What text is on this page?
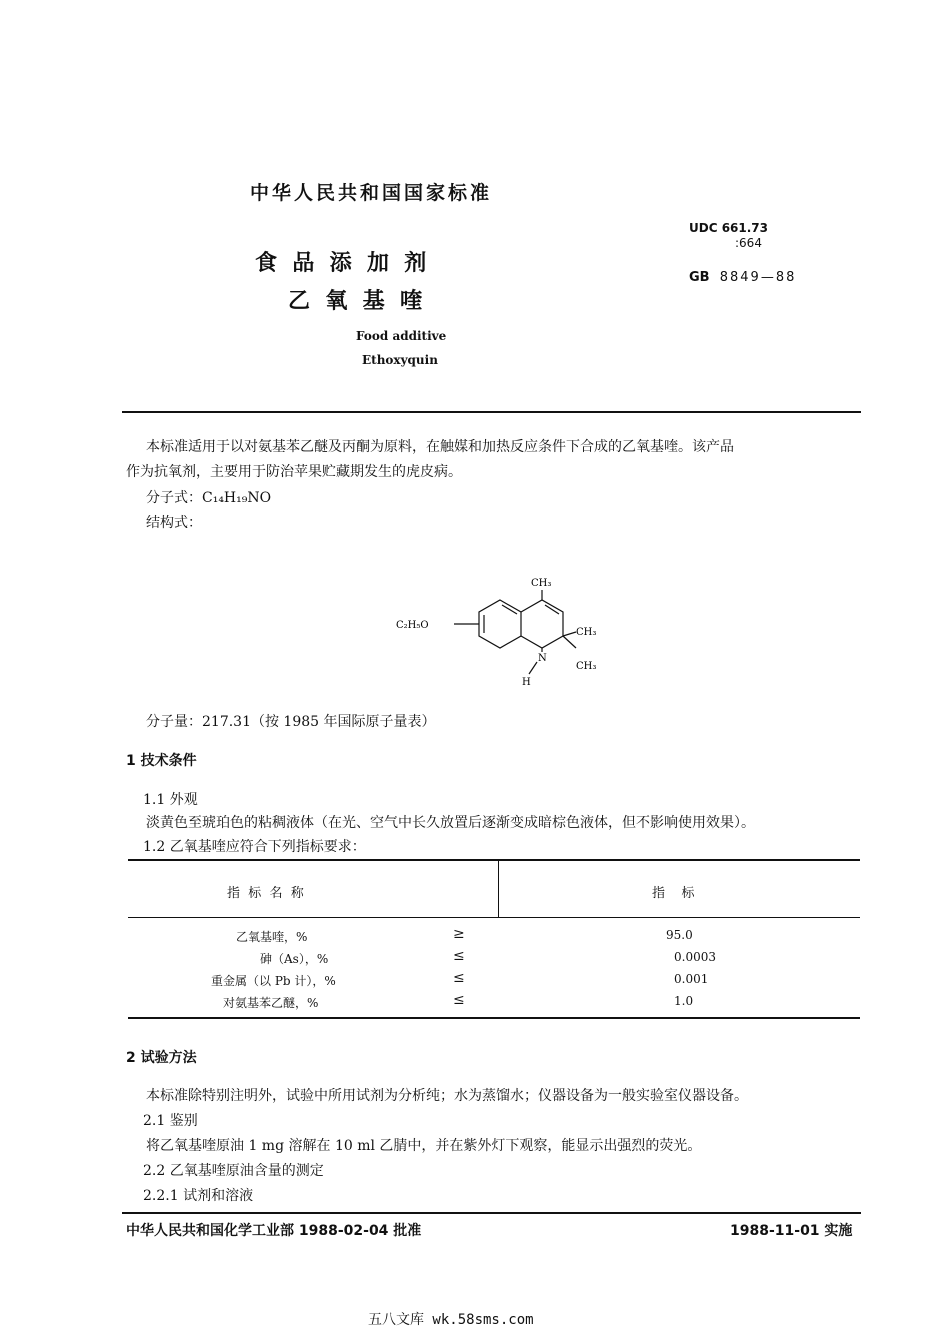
中华人民共和国国家标准
食  品  添  加  剂
乙  氧  基  喹
Food additive
Ethoxyquin
UDC 661.73
:664
GB 8849—88
本标准适用于以对氨基苯乙醚及丙酮为原料，在触媒和加热反应条件下合成的乙氧基喹。该产品
作为抗氧剂，主要用于防治苹果贮藏期发生的虎皮病。
分子式：C₁₄H₁₉NO
结构式：
CH₃
C₂H₅O
CH₃
CH₃
N
H
分子量：217.31（按 1985 年国际原子量表）
1 技术条件
1.1 外观
淡黄色至琥珀色的粘稠液体（在光、空气中长久放置后逐渐变成暗棕色液体，但不影响使用效果）。
1.2 乙氧基喹应符合下列指标要求：
指  标  名  称	指    标
乙氧基喹，%	≥	95.0
砷（As），%	≤	0.0003
重金属（以 Pb 计），%	≤	0.001
对氨基苯乙醚，%	≤	1.0
2 试验方法
本标准除特别注明外，试验中所用试剂为分析纯；水为蒸馏水；仪器设备为一般实验室仪器设备。
2.1 鉴别
将乙氧基喹原油 1 mg 溶解在 10 ml 乙腈中，并在紫外灯下观察，能显示出强烈的荧光。
2.2 乙氧基喹原油含量的测定
2.2.1 试剂和溶液
中华人民共和国化学工业部 1988-02-04 批准	1988-11-01 实施
五八文库 wk.58sms.com
